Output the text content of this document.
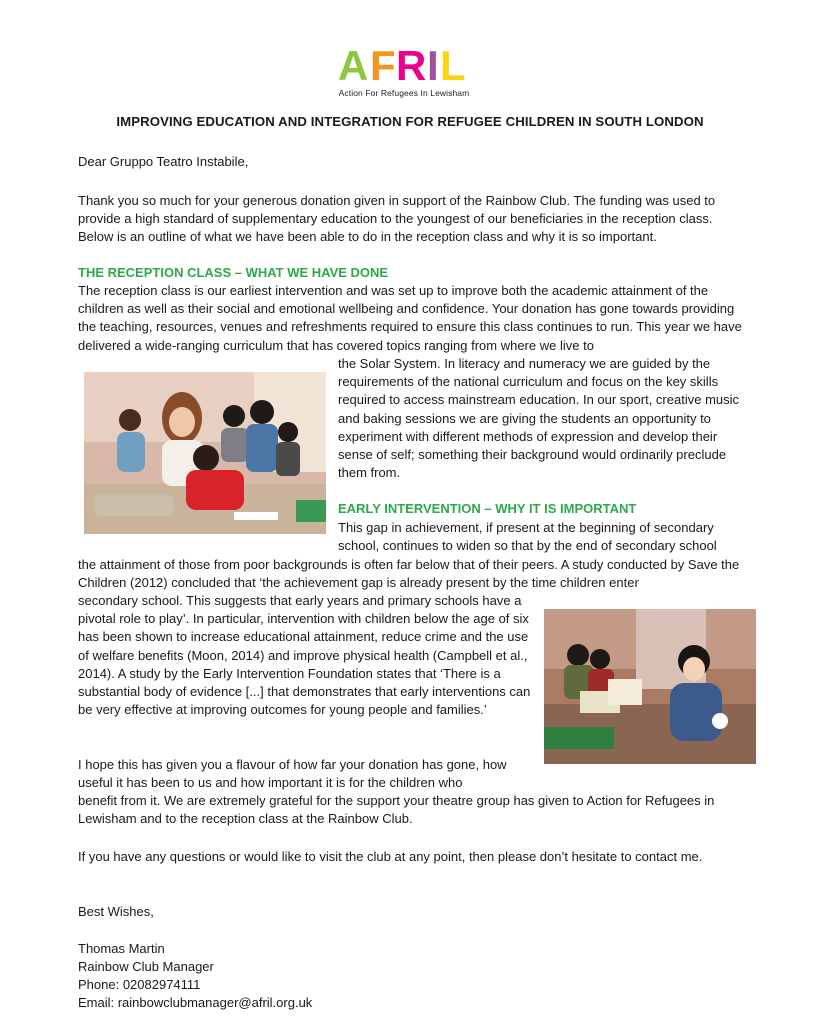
A F R I L
Action For Refugees In Lewisham
IMPROVING EDUCATION AND INTEGRATION FOR REFUGEE CHILDREN IN SOUTH LONDON
Dear Gruppo Teatro Instabile,
Thank you so much for your generous donation given in support of the Rainbow Club. The funding was used to provide a high standard of supplementary education to the youngest of our beneficiaries in the reception class. Below is an outline of what we have been able to do in the reception class and why it is so important.
THE RECEPTION CLASS – WHAT WE HAVE DONE
The reception class is our earliest intervention and was set up to improve both the academic attainment of the children as well as their social and emotional wellbeing and confidence. Your donation has gone towards providing the teaching, resources, venues and refreshments required to ensure this class continues to run. This year we have delivered a wide-ranging curriculum that has covered topics ranging from where we live to
the Solar System. In literacy and numeracy we are guided by the requirements of the national curriculum and focus on the key skills required to access mainstream education. In our sport, creative music and baking sessions we are giving the students an opportunity to experiment with different methods of expression and develop their sense of self; something their background would ordinarily preclude them from.
EARLY INTERVENTION – WHY IT IS IMPORTANT
This gap in achievement, if present at the beginning of secondary school, continues to widen so that by the end of secondary school
the attainment of those from poor backgrounds is often far below that of their peers. A study conducted by Save the Children (2012) concluded that ‘the achievement gap is already present by the time children enter
secondary school. This suggests that early years and primary schools have a pivotal role to play’. In particular, intervention with children below the age of six has been shown to increase educational attainment, reduce crime and the use of welfare benefits (Moon, 2014) and improve physical health (Campbell et al., 2014). A study by the Early Intervention Foundation states that ‘There is a substantial body of evidence [...] that demonstrates that early interventions can be very effective at improving outcomes for young people and families.’
I hope this has given you a flavour of how far your donation has gone, how useful it has been to us and how important it is for the children who
benefit from it. We are extremely grateful for the support your theatre group has given to Action for Refugees in Lewisham and to the reception class at the Rainbow Club.
If you have any questions or would like to visit the club at any point, then please don’t hesitate to contact me.
Best Wishes,
Thomas Martin
Rainbow Club Manager
Phone: 02082974111
Email: rainbowclubmanager@afril.org.uk
